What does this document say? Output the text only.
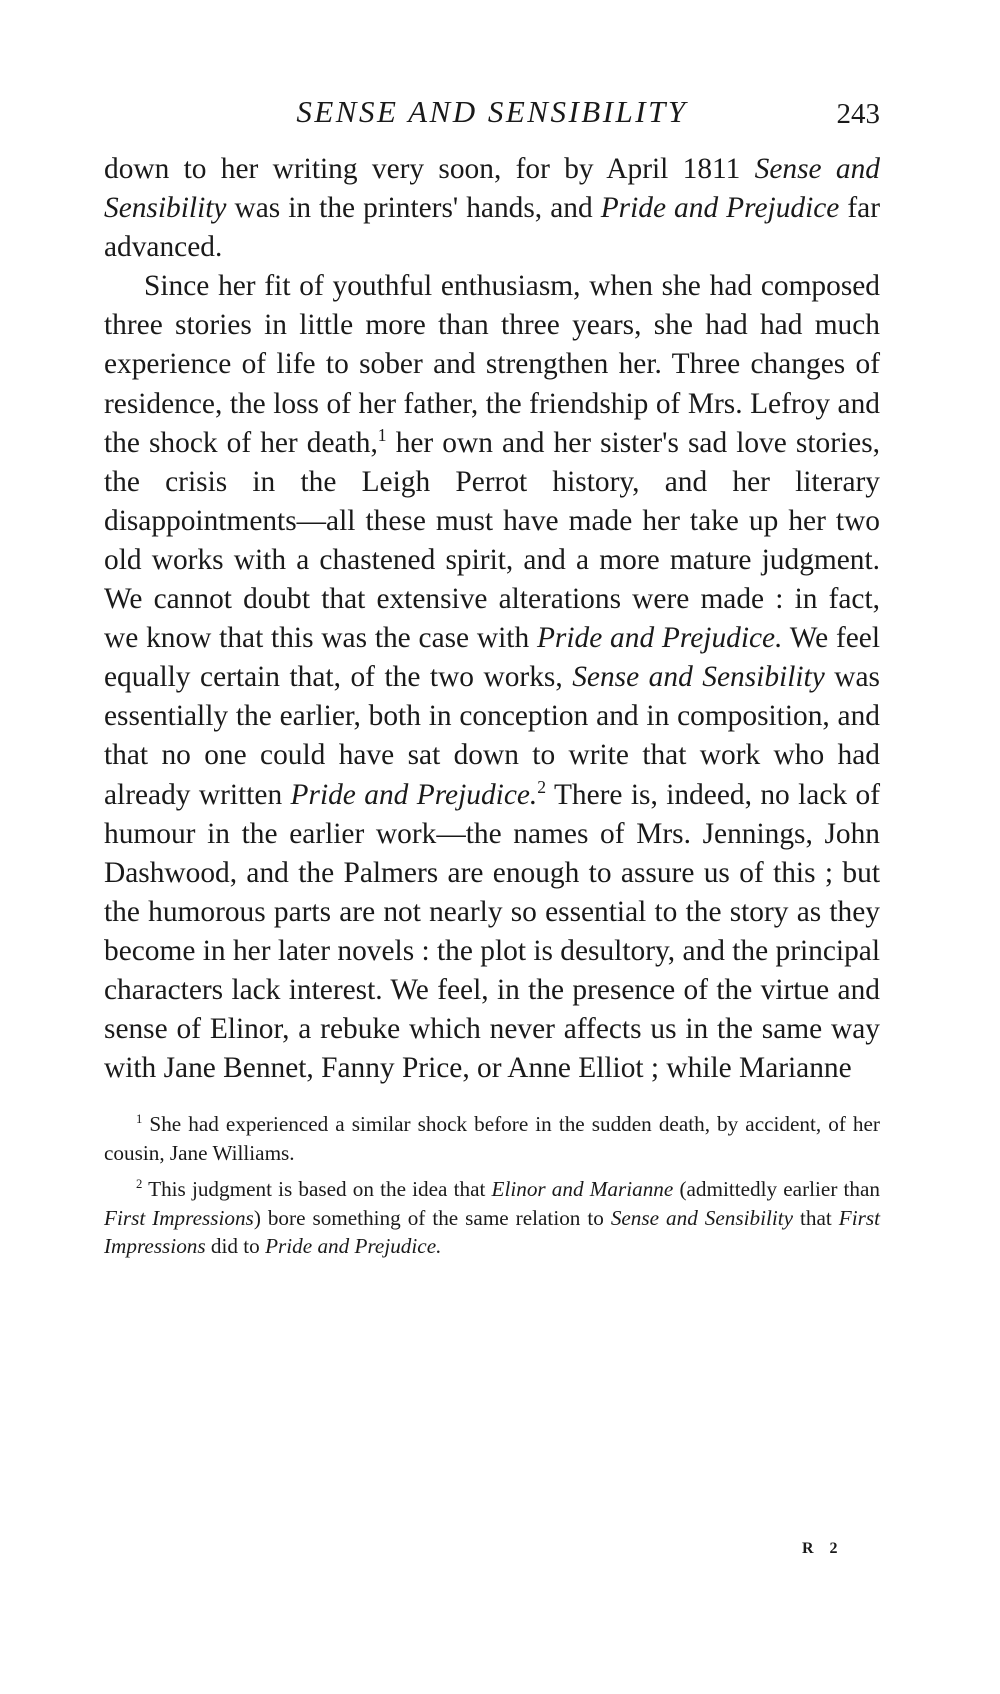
SENSE AND SENSIBILITY	243

down to her writing very soon, for by April 1811 Sense and Sensibility was in the printers' hands, and Pride and Prejudice far advanced.

Since her fit of youthful enthusiasm, when she had composed three stories in little more than three years, she had had much experience of life to sober and strengthen her. Three changes of residence, the loss of her father, the friendship of Mrs. Lefroy and the shock of her death,$^1$ her own and her sister's sad love stories, the crisis in the Leigh Perrot history, and her literary disappointments—all these must have made her take up her two old works with a chastened spirit, and a more mature judgment. We cannot doubt that extensive alterations were made : in fact, we know that this was the case with Pride and Prejudice. We feel equally certain that, of the two works, Sense and Sensibility was essentially the earlier, both in conception and in composition, and that no one could have sat down to write that work who had already written Pride and Prejudice.$^2$ There is, indeed, no lack of humour in the earlier work—the names of Mrs. Jennings, John Dashwood, and the Palmers are enough to assure us of this ; but the humorous parts are not nearly so essential to the story as they become in her later novels : the plot is desultory, and the principal characters lack interest. We feel, in the presence of the virtue and sense of Elinor, a rebuke which never affects us in the same way with Jane Bennet, Fanny Price, or Anne Elliot ; while Marianne

$^1$ She had experienced a similar shock before in the sudden death, by accident, of her cousin, Jane Williams.

$^2$ This judgment is based on the idea that Elinor and Marianne (admittedly earlier than First Impressions) bore something of the same relation to Sense and Sensibility that First Impressions did to Pride and Prejudice.

R 2
